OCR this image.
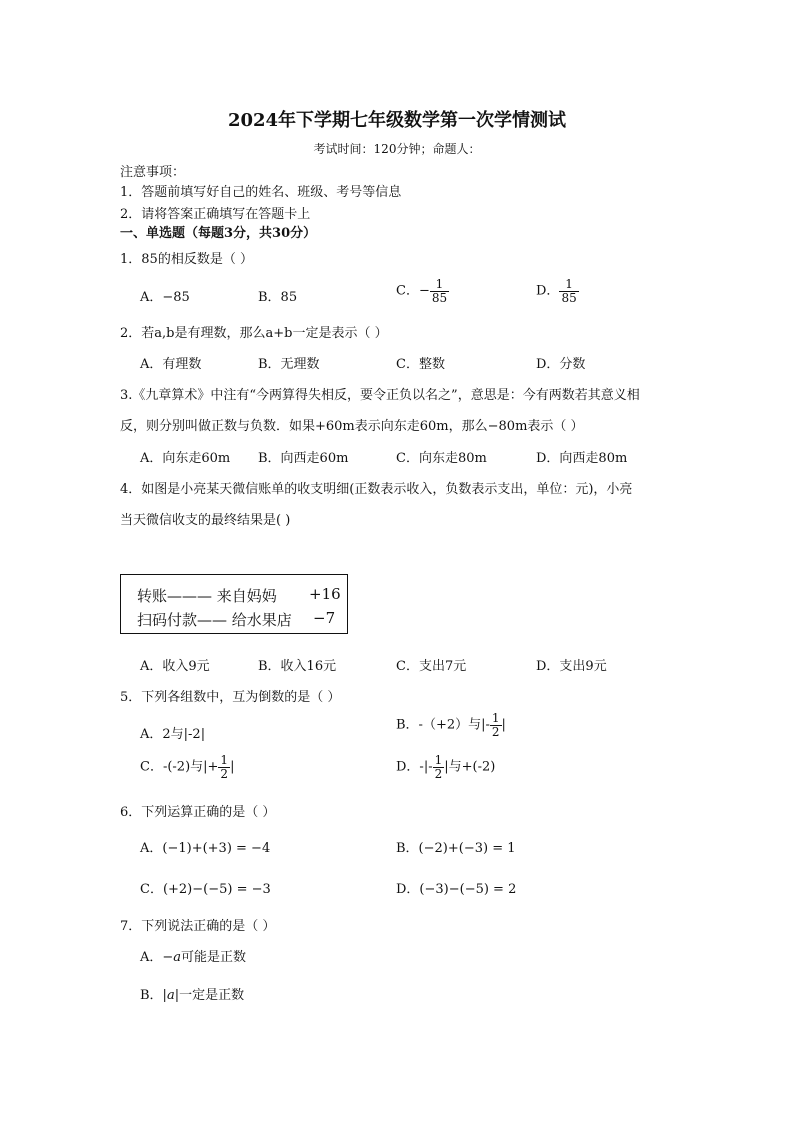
2024年下学期七年级数学第一次学情测试
考试时间：120分钟；命题人：
注意事项：
1．答题前填写好自己的姓名、班级、考号等信息
2．请将答案正确填写在答题卡上
一、单选题（每题3分，共30分）
1．85的相反数是（ ）
A．−85	B．85	C．− $\frac{1}{85}$	D． $\frac{1}{85}$
2．若a,b是有理数，那么a+b一定是表示（ ）
A．有理数	B．无理数	C．整数	D．分数
3.《九章算术》中注有“今两算得失相反，要令正负以名之”，意思是：今有两数若其意义相
反，则分别叫做正数与负数．如果+60m表示向东走60m，那么−80m表示（ ）
A．向东走60m B．向西走60m	C．向东走80m	D．向西走80m
4．如图是小亮某天微信账单的收支明细(正数表示收入，负数表示支出，单位：元)，小亮
当天微信收支的最终结果是( )
转账——— 来自妈妈 +16
扫码付款—— 给水果店 −7
A．收入9元	B．收入16元	C．支出7元	D．支出9元
5．下列各组数中，互为倒数的是（ ）
A．2与|-2|
B．-（+2）与|- $\frac{1}{2}$ |
C．-(-2)与|+ $\frac{1}{2}$ |	D．-|- $\frac{1}{2}$ |与+(-2)
6．下列运算正确的是（ ）
A．(−1)+(+3) = −4	B．(−2)+(−3) = 1
C．(+2)−(−5) = −3	D．(−3)−(−5) = 2
7．下列说法正确的是（ ）
A．−a可能是正数
B．|a|一定是正数
